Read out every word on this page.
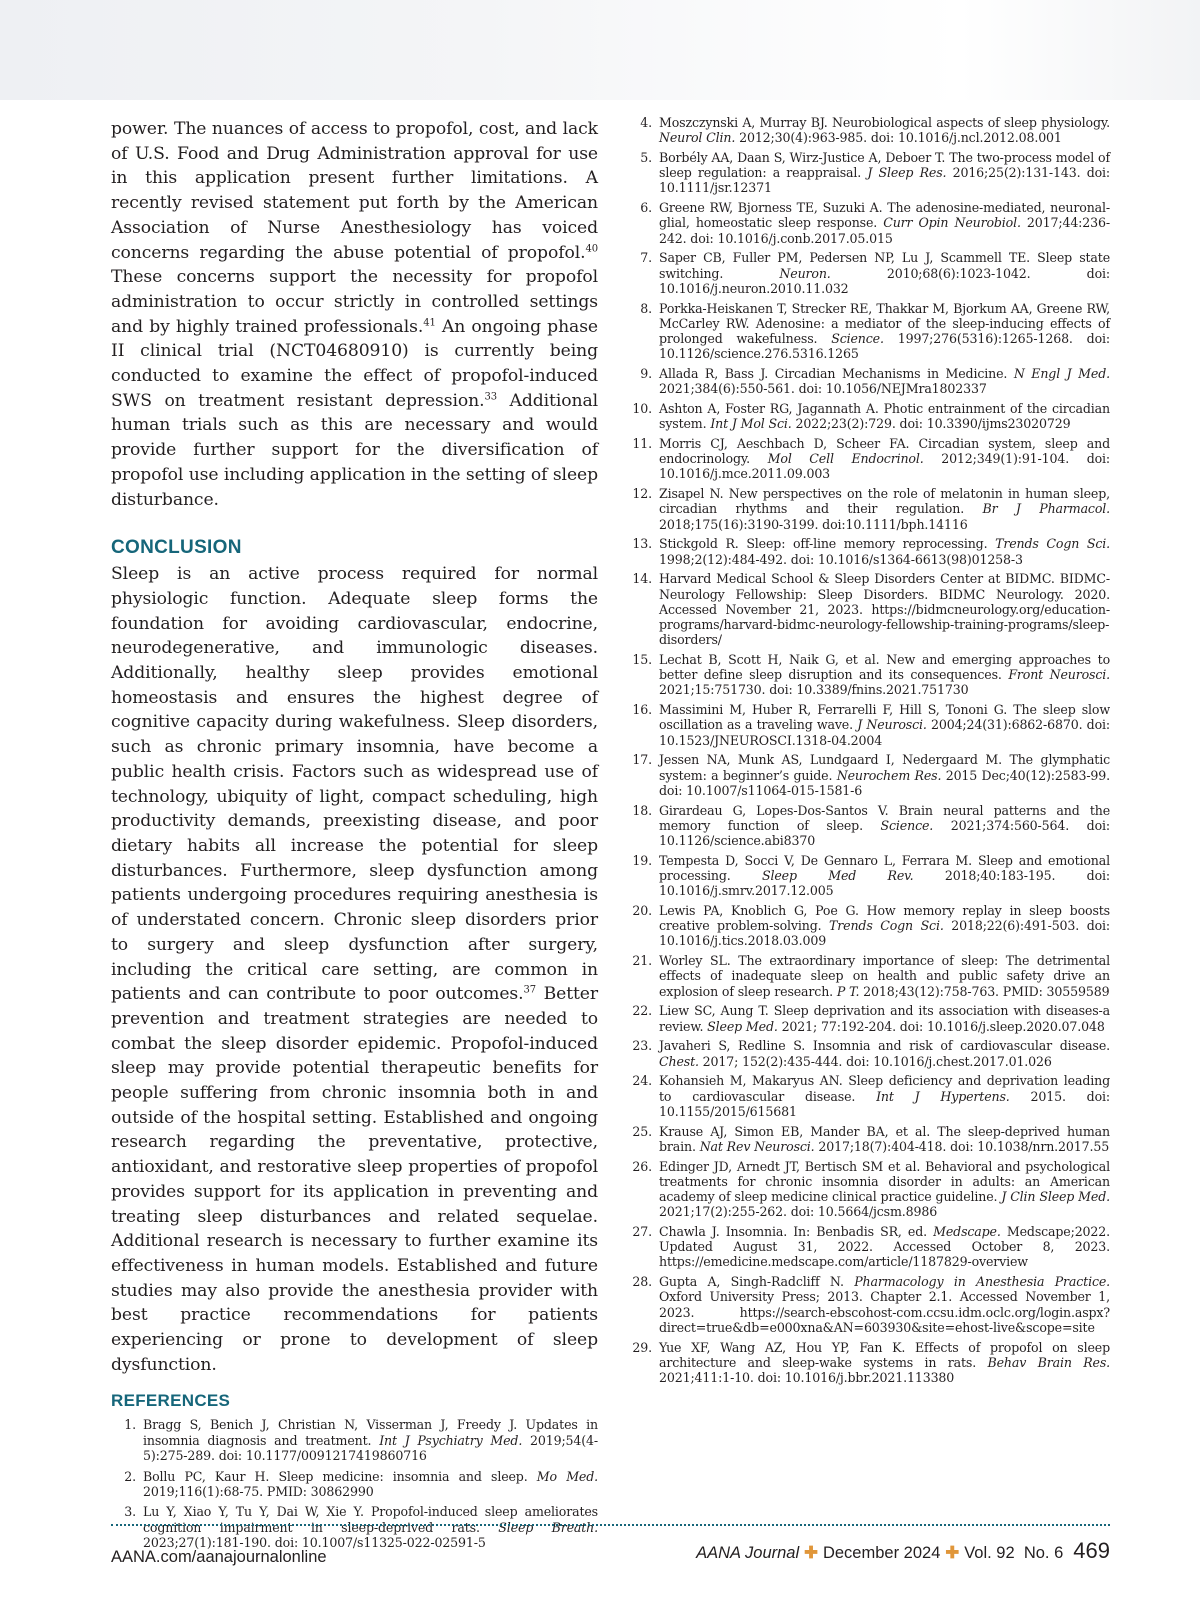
power. The nuances of access to propofol, cost, and lack of U.S. Food and Drug Administration approval for use in this application present further limitations. A recently revised statement put forth by the American Association of Nurse Anesthesiology has voiced concerns regarding the abuse potential of propofol.$^{40}$ These concerns support the necessity for propofol administration to occur strictly in controlled settings and by highly trained professionals.$^{41}$ An ongoing phase II clinical trial (NCT04680910) is currently being conducted to examine the effect of propofol-induced SWS on treatment resistant depression.$^{33}$ Additional human trials such as this are necessary and would provide further support for the diversification of propofol use including application in the setting of sleep disturbance.

CONCLUSION

Sleep is an active process required for normal physiologic function. Adequate sleep forms the foundation for avoiding cardiovascular, endocrine, neurodegenerative, and immunologic diseases. Additionally, healthy sleep provides emotional homeostasis and ensures the highest degree of cognitive capacity during wakefulness. Sleep disorders, such as chronic primary insomnia, have become a public health crisis. Factors such as widespread use of technology, ubiquity of light, compact scheduling, high productivity demands, preexisting disease, and poor dietary habits all increase the potential for sleep disturbances. Furthermore, sleep dysfunction among patients undergoing procedures requiring anesthesia is of understated concern. Chronic sleep disorders prior to surgery and sleep dysfunction after surgery, including the critical care setting, are common in patients and can contribute to poor outcomes.$^{37}$ Better prevention and treatment strategies are needed to combat the sleep disorder epidemic. Propofol-induced sleep may provide potential therapeutic benefits for people suffering from chronic insomnia both in and outside of the hospital setting. Established and ongoing research regarding the preventative, protective, antioxidant, and restorative sleep properties of propofol provides support for its application in preventing and treating sleep disturbances and related sequelae. Additional research is necessary to further examine its effectiveness in human models. Established and future studies may also provide the anesthesia provider with best practice recommendations for patients experiencing or prone to development of sleep dysfunction.

REFERENCES
1. Bragg S, Benich J, Christian N, Visserman J, Freedy J. Updates in insomnia diagnosis and treatment. Int J Psychiatry Med. 2019;54(4-5):275-289. doi: 10.1177/0091217419860716
2. Bollu PC, Kaur H. Sleep medicine: insomnia and sleep. Mo Med. 2019;116(1):68-75. PMID: 30862990
3. Lu Y, Xiao Y, Tu Y, Dai W, Xie Y. Propofol-induced sleep ameliorates cognition impairment in sleep-deprived rats. Sleep Breath. 2023;27(1):181-190. doi: 10.1007/s11325-022-02591-5
4. Moszczynski A, Murray BJ. Neurobiological aspects of sleep physiology. Neurol Clin. 2012;30(4):963-985. doi: 10.1016/j.ncl.2012.08.001
5. Borbély AA, Daan S, Wirz-Justice A, Deboer T. The two-process model of sleep regulation: a reappraisal. J Sleep Res. 2016;25(2):131-143. doi: 10.1111/jsr.12371
6. Greene RW, Bjorness TE, Suzuki A. The adenosine-mediated, neuronal-glial, homeostatic sleep response. Curr Opin Neurobiol. 2017;44:236-242. doi: 10.1016/j.conb.2017.05.015
7. Saper CB, Fuller PM, Pedersen NP, Lu J, Scammell TE. Sleep state switching. Neuron. 2010;68(6):1023-1042. doi: 10.1016/j.neuron.2010.11.032
8. Porkka-Heiskanen T, Strecker RE, Thakkar M, Bjorkum AA, Greene RW, McCarley RW. Adenosine: a mediator of the sleep-inducing effects of prolonged wakefulness. Science. 1997;276(5316):1265-1268. doi: 10.1126/science.276.5316.1265
9. Allada R, Bass J. Circadian Mechanisms in Medicine. N Engl J Med. 2021;384(6):550-561. doi: 10.1056/NEJMra1802337
10. Ashton A, Foster RG, Jagannath A. Photic entrainment of the circadian system. Int J Mol Sci. 2022;23(2):729. doi: 10.3390/ijms23020729
11. Morris CJ, Aeschbach D, Scheer FA. Circadian system, sleep and endocrinology. Mol Cell Endocrinol. 2012;349(1):91-104. doi: 10.1016/j.mce.2011.09.003
12. Zisapel N. New perspectives on the role of melatonin in human sleep, circadian rhythms and their regulation. Br J Pharmacol. 2018;175(16):3190-3199. doi:10.1111/bph.14116
13. Stickgold R. Sleep: off-line memory reprocessing. Trends Cogn Sci. 1998;2(12):484-492. doi: 10.1016/s1364-6613(98)01258-3
14. Harvard Medical School & Sleep Disorders Center at BIDMC. BIDMC-Neurology Fellowship: Sleep Disorders. BIDMC Neurology. 2020. Accessed November 21, 2023. https://bidmcneurology.org/education-programs/harvard-bidmc-neurology-fellowship-training-programs/sleep-disorders/
15. Lechat B, Scott H, Naik G, et al. New and emerging approaches to better define sleep disruption and its consequences. Front Neurosci. 2021;15:751730. doi: 10.3389/fnins.2021.751730
16. Massimini M, Huber R, Ferrarelli F, Hill S, Tononi G. The sleep slow oscillation as a traveling wave. J Neurosci. 2004;24(31):6862-6870. doi: 10.1523/JNEUROSCI.1318-04.2004
17. Jessen NA, Munk AS, Lundgaard I, Nedergaard M. The glymphatic system: a beginner’s guide. Neurochem Res. 2015 Dec;40(12):2583-99. doi: 10.1007/s11064-015-1581-6
18. Girardeau G, Lopes-Dos-Santos V. Brain neural patterns and the memory function of sleep. Science. 2021;374:560-564. doi: 10.1126/science.abi8370
19. Tempesta D, Socci V, De Gennaro L, Ferrara M. Sleep and emotional processing. Sleep Med Rev. 2018;40:183-195. doi: 10.1016/j.smrv.2017.12.005
20. Lewis PA, Knoblich G, Poe G. How memory replay in sleep boosts creative problem-solving. Trends Cogn Sci. 2018;22(6):491-503. doi: 10.1016/j.tics.2018.03.009
21. Worley SL. The extraordinary importance of sleep: The detrimental effects of inadequate sleep on health and public safety drive an explosion of sleep research. P T. 2018;43(12):758-763. PMID: 30559589
22. Liew SC, Aung T. Sleep deprivation and its association with diseases-a review. Sleep Med. 2021; 77:192-204. doi: 10.1016/j.sleep.2020.07.048
23. Javaheri S, Redline S. Insomnia and risk of cardiovascular disease. Chest. 2017; 152(2):435-444. doi: 10.1016/j.chest.2017.01.026
24. Kohansieh M, Makaryus AN. Sleep deficiency and deprivation leading to cardiovascular disease. Int J Hypertens. 2015. doi: 10.1155/2015/615681
25. Krause AJ, Simon EB, Mander BA, et al. The sleep-deprived human brain. Nat Rev Neurosci. 2017;18(7):404-418. doi: 10.1038/nrn.2017.55
26. Edinger JD, Arnedt JT, Bertisch SM et al. Behavioral and psychological treatments for chronic insomnia disorder in adults: an American academy of sleep medicine clinical practice guideline. J Clin Sleep Med. 2021;17(2):255-262. doi: 10.5664/jcsm.8986
27. Chawla J. Insomnia. In: Benbadis SR, ed. Medscape. Medscape;2022. Updated August 31, 2022. Accessed October 8, 2023. https://emedicine.medscape.com/article/1187829-overview
28. Gupta A, Singh-Radcliff N. Pharmacology in Anesthesia Practice. Oxford University Press; 2013. Chapter 2.1. Accessed November 1, 2023. https://search-ebscohost-com.ccsu.idm.oclc.org/login.aspx?direct=true&db=e000xna&AN=603930&site=ehost-live&scope=site
29. Yue XF, Wang AZ, Hou YP, Fan K. Effects of propofol on sleep architecture and sleep-wake systems in rats. Behav Brain Res. 2021;411:1-10. doi: 10.1016/j.bbr.2021.113380
AANA.com/aanajournalonline	AANA Journal ✚ December 2024 ✚ Vol. 92  No. 6 469
